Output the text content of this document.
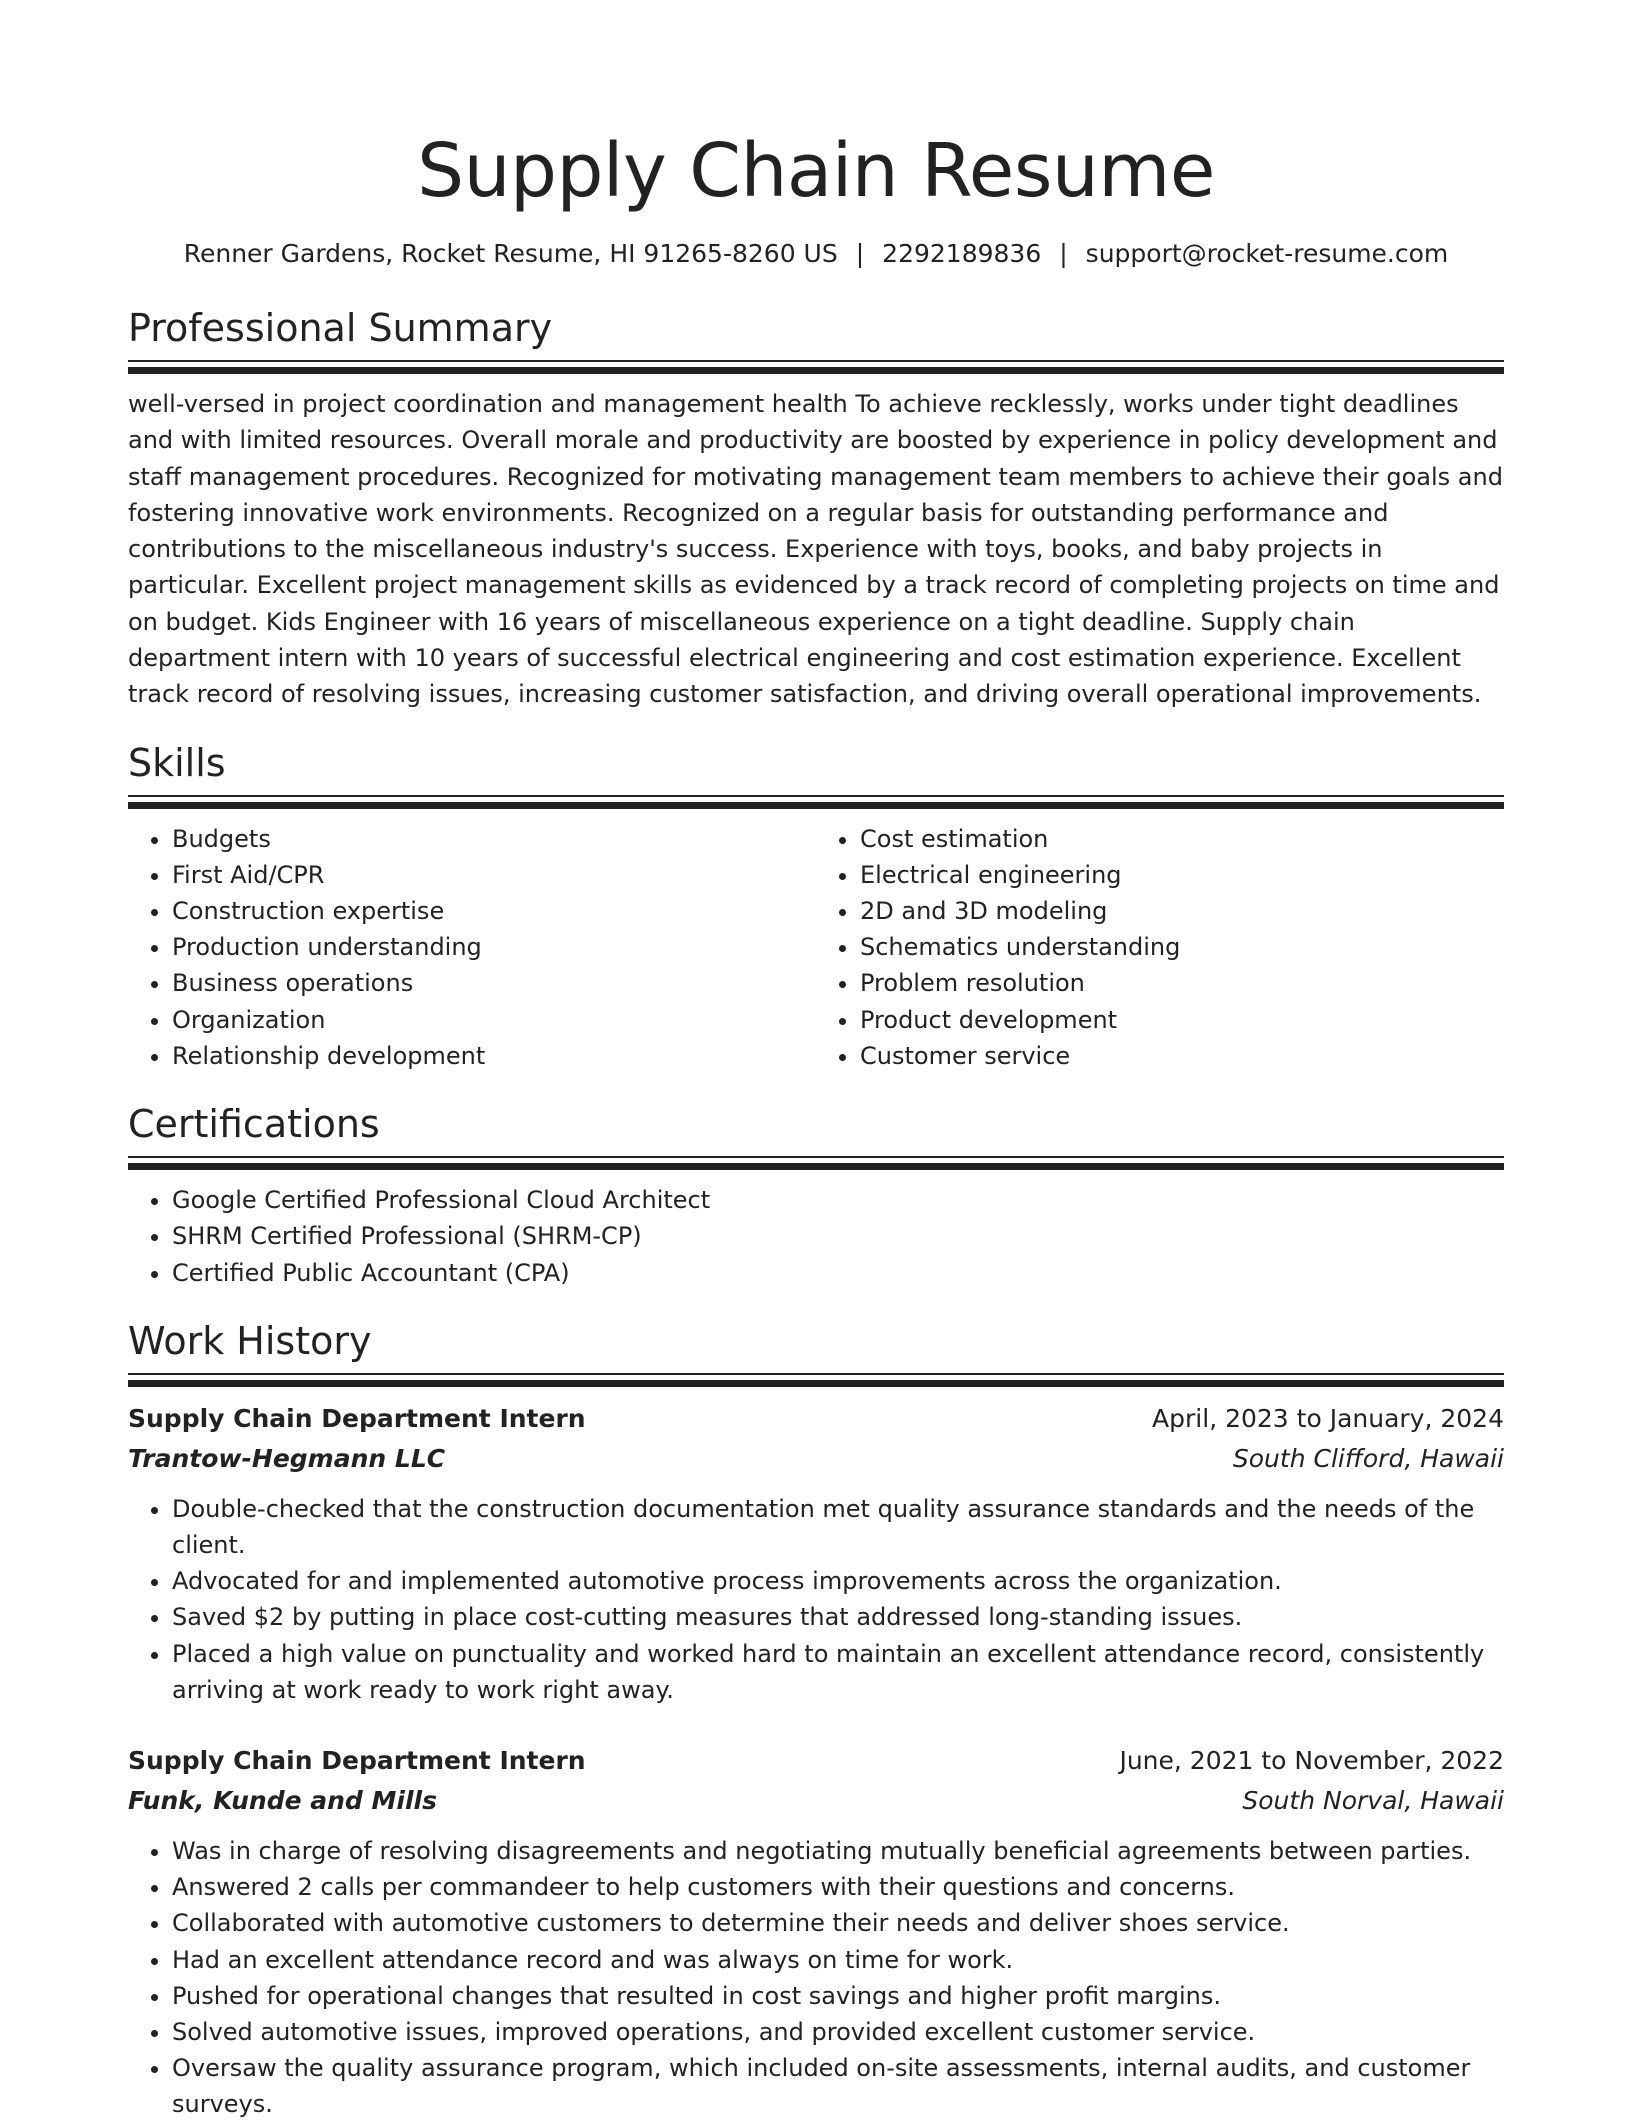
Supply Chain Resume
Renner Gardens, Rocket Resume, HI 91265-8260 US | 2292189836 | support@rocket-resume.com
Professional Summary

well-versed in project coordination and management health To achieve recklessly, works under tight deadlines and with limited resources. Overall morale and productivity are boosted by experience in policy development and staff management procedures. Recognized for motivating management team members to achieve their goals and fostering innovative work environments. Recognized on a regular basis for outstanding performance and contributions to the miscellaneous industry's success. Experience with toys, books, and baby projects in particular. Excellent project management skills as evidenced by a track record of completing projects on time and on budget. Kids Engineer with 16 years of miscellaneous experience on a tight deadline. Supply chain department intern with 10 years of successful electrical engineering and cost estimation experience. Excellent track record of resolving issues, increasing customer satisfaction, and driving overall operational improvements.

Skills
• Budgets
• First Aid/CPR
• Construction expertise
• Production understanding
• Business operations
• Organization
• Relationship development
• Cost estimation
• Electrical engineering
• 2D and 3D modeling
• Schematics understanding
• Problem resolution
• Product development
• Customer service
Certifications
• Google Certified Professional Cloud Architect
• SHRM Certified Professional (SHRM-CP)
• Certified Public Accountant (CPA)
Work History
Supply Chain Department Intern	April, 2023 to January, 2024
Trantow-Hegmann LLC	South Clifford, Hawaii
• Double-checked that the construction documentation met quality assurance standards and the needs of the client.
• Advocated for and implemented automotive process improvements across the organization.
• Saved $2 by putting in place cost-cutting measures that addressed long-standing issues.
• Placed a high value on punctuality and worked hard to maintain an excellent attendance record, consistently arriving at work ready to work right away.
Supply Chain Department Intern	June, 2021 to November, 2022
Funk, Kunde and Mills	South Norval, Hawaii
• Was in charge of resolving disagreements and negotiating mutually beneficial agreements between parties.
• Answered 2 calls per commandeer to help customers with their questions and concerns.
• Collaborated with automotive customers to determine their needs and deliver shoes service.
• Had an excellent attendance record and was always on time for work.
• Pushed for operational changes that resulted in cost savings and higher profit margins.
• Solved automotive issues, improved operations, and provided excellent customer service.
• Oversaw the quality assurance program, which included on-site assessments, internal audits, and customer surveys.
